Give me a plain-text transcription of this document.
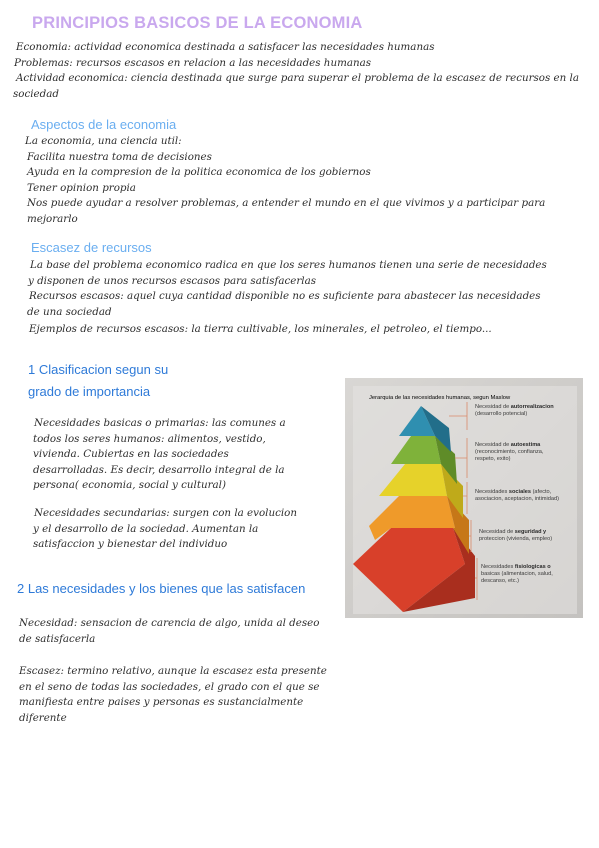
PRINCIPIOS BASICOS DE LA ECONOMIA
Economia: actividad economica destinada a satisfacer las necesidades humanas
Problemas: recursos escasos en relacion a las necesidades humanas
Actividad economica: ciencia destinada que surge para superar el problema de la escasez de recursos en la
sociedad
Aspectos de la economia
La economia, una ciencia util:
Facilita nuestra toma de decisiones
Ayuda en la compresion de la politica economica de los gobiernos
Tener opinion propia
Nos puede ayudar a resolver problemas, a entender el mundo en el que vivimos y a participar para
mejorarlo
Escasez de recursos
La base del problema economico radica en que los seres humanos tienen una serie de necesidades
y disponen de unos recursos escasos para satisfacerlas
Recursos escasos: aquel cuya cantidad disponible no es suficiente para abastecer las necesidades
de una sociedad
Ejemplos de recursos escasos: la tierra cultivable, los minerales, el petroleo, el tiempo...
1 Clasificacion segun su
grado de importancia
Necesidades basicas o primarias: las comunes a
todos los seres humanos: alimentos, vestido,
vivienda. Cubiertas en las sociedades
desarrolladas. Es decir, desarrollo integral de la
persona( economia, social y cultural)
Necesidades secundarias: surgen con la evolucion
y el desarrollo de la sociedad. Aumentan la
satisfaccion y bienestar del individuo
2 Las necesidades y los bienes que las satisfacen
Necesidad: sensacion de carencia de algo, unida al deseo
de satisfacerla
Escasez: termino relativo, aunque la escasez esta presente
en el seno de todas las sociedades, el grado con el que se
manifiesta entre paises y personas es sustancialmente
diferente
Jerarquia de las necesidades humanas, segun Maslow
Necesidad de autorrealizacion
(desarrollo potencial)
Necesidad de autoestima
(reconocimiento, confianza,
respeto, exito)
Necesidades sociales (afecto,
asociacion, aceptacion, intimidad)
Necesidad de seguridad y
proteccion (vivienda, empleo)
Necesidades fisiologicas o
basicas (alimentacion, salud,
descanso, etc.)
